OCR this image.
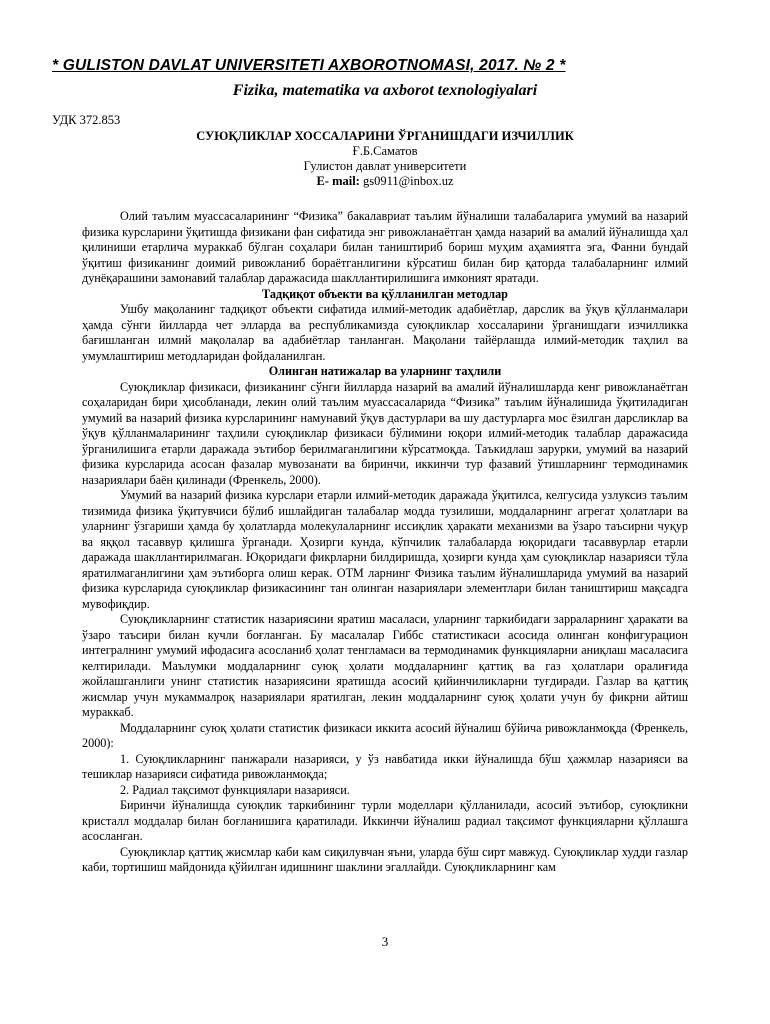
* GULISTON DAVLAT UNIVERSITETI AXBOROTNOMASI, 2017. № 2 *
Fizika, matematika va axborot texnologiyalari
УДК 372.853
СУЮҚЛИКЛАР ХОССАЛАРИНИ ЎРГАНИШДАГИ ИЗЧИЛЛИК
Ғ.Б.Саматов
Гулистон давлат университети
E- mail: gs0911@inbox.uz

Олий таълим муассасаларининг “Физика” бакалавриат таълим йўналиши талабаларига умумий ва назарий физика курсларини ўқитишда физикани фан сифатида энг ривожланаётган ҳамда назарий ва амалий йўналишда ҳал қилиниши етарлича мураккаб бўлган соҳалари билан таништириб бориш муҳим аҳамиятга эга, Фанни бундай ўқитиш физиканинг доимий ривожланиб бораётганлигини кўрсатиш билан бир қаторда талабаларнинг илмий дунёқарашини замонавий талаблар даражасида шакллантирилишига имконият яратади.

Тадқиқот объекти ва қўлланилган методлар

Ушбу мақоланинг тадқиқот объекти сифатида илмий-методик адабиётлар, дарслик ва ўқув қўлланмалари ҳамда сўнги йилларда чет элларда ва республикамизда суюқликлар хоссаларини ўрганишдаги изчилликка бағишланган илмий мақолалар ва адабиётлар танланган. Мақолани тайёрлашда илмий-методик таҳлил ва умумлаштириш методларидан фойдаланилган.

Олинган натижалар ва уларнинг таҳлили

Суюқликлар физикаси, физиканинг сўнги йилларда назарий ва амалий йўналишларда кенг ривожланаётган соҳаларидан бири ҳисобланади, лекин олий таълим муассасаларида “Физика” таълим йўналишида ўқитиладиган умумий ва назарий физика курсларининг намунавий ўқув дастурлари ва шу дастурларга мос ёзилган дарсликлар ва ўқув қўлланмаларининг таҳлили суюқликлар физикаси бўлимини юқори илмий-методик талаблар даражасида ўрганилишига етарли даражада эътибор берилмаганлигини кўрсатмоқда. Таъкидлаш зарурки, умумий ва назарий физика курсларида асосан фазалар мувозанати ва биринчи, иккинчи тур фазавий ўтишларнинг термодинамик назариялари баён қилинади (Френкель, 2000).

Умумий ва назарий физика курслари етарли илмий-методик даражада ўқитилса, келгусида узлуксиз таълим тизимида физика ўқитувчиси бўлиб ишлайдиган талабалар модда тузилиши, моддаларнинг агрегат ҳолатлари ва уларнинг ўзгариши ҳамда бу ҳолатларда молекулаларнинг иссиқлик ҳаракати механизми ва ўзаро таъсирни чуқур ва яққол тасаввур қилишга ўрганади. Ҳозирги кунда, кўпчилик талабаларда юқоридаги тасаввурлар етарли даражада шакллантирилмаган. Юқоридаги фикрларни билдиришда, ҳозирги кунда ҳам суюқликлар назарияси тўла яратилмаганлигини ҳам эътиборга олиш керак. ОТМ ларнинг Физика таълим йўналишларида умумий ва назарий физика курсларида суюқликлар физикасининг тан олинган назариялари элементлари билан таништириш мақсадга мувофиқдир.

Суюқликларнинг статистик назариясини яратиш масаласи, уларнинг таркибидаги зарраларнинг ҳаракати ва ўзаро таъсири билан кучли боғланган. Бу масалалар Гиббс статистикаси асосида олинган конфигурацион интегралнинг умумий ифодасига асосланиб ҳолат тенгламаси ва термодинамик функцияларни аниқлаш масаласига келтирилади. Маълумки моддаларнинг суюқ ҳолати моддаларнинг қаттиқ ва газ ҳолатлари оралиғида жойлашганлиги унинг статистик назариясини яратишда асосий қийинчиликларни туғдиради. Газлар ва қаттиқ жисмлар учун мукаммалроқ назариялари яратилган, лекин моддаларнинг суюқ ҳолати учун бу фикрни айтиш мураккаб.

Моддаларнинг суюқ ҳолати статистик физикаси иккита асосий йўналиш бўйича ривожланмоқда (Френкель, 2000):

1. Суюқликларнинг панжарали назарияси, у ўз навбатида икки йўналишда бўш ҳажмлар назарияси ва тешиклар назарияси сифатида ривожланмоқда;

2. Радиал тақсимот функциялари назарияси.

Биринчи йўналишда суюқлик таркибининг турли моделлари қўлланилади, асосий эътибор, суюқликни кристалл моддалар билан боғланишига қаратилади. Иккинчи йўналиш радиал тақсимот функцияларни қўллашга асосланган.

Суюқликлар қаттиқ жисмлар каби кам сиқилувчан яъни, уларда бўш сирт мавжуд. Суюқликлар худди газлар каби, тортишиш майдонида қўйилган идишнинг шаклини эгаллайди. Суюқликларнинг кам

3
